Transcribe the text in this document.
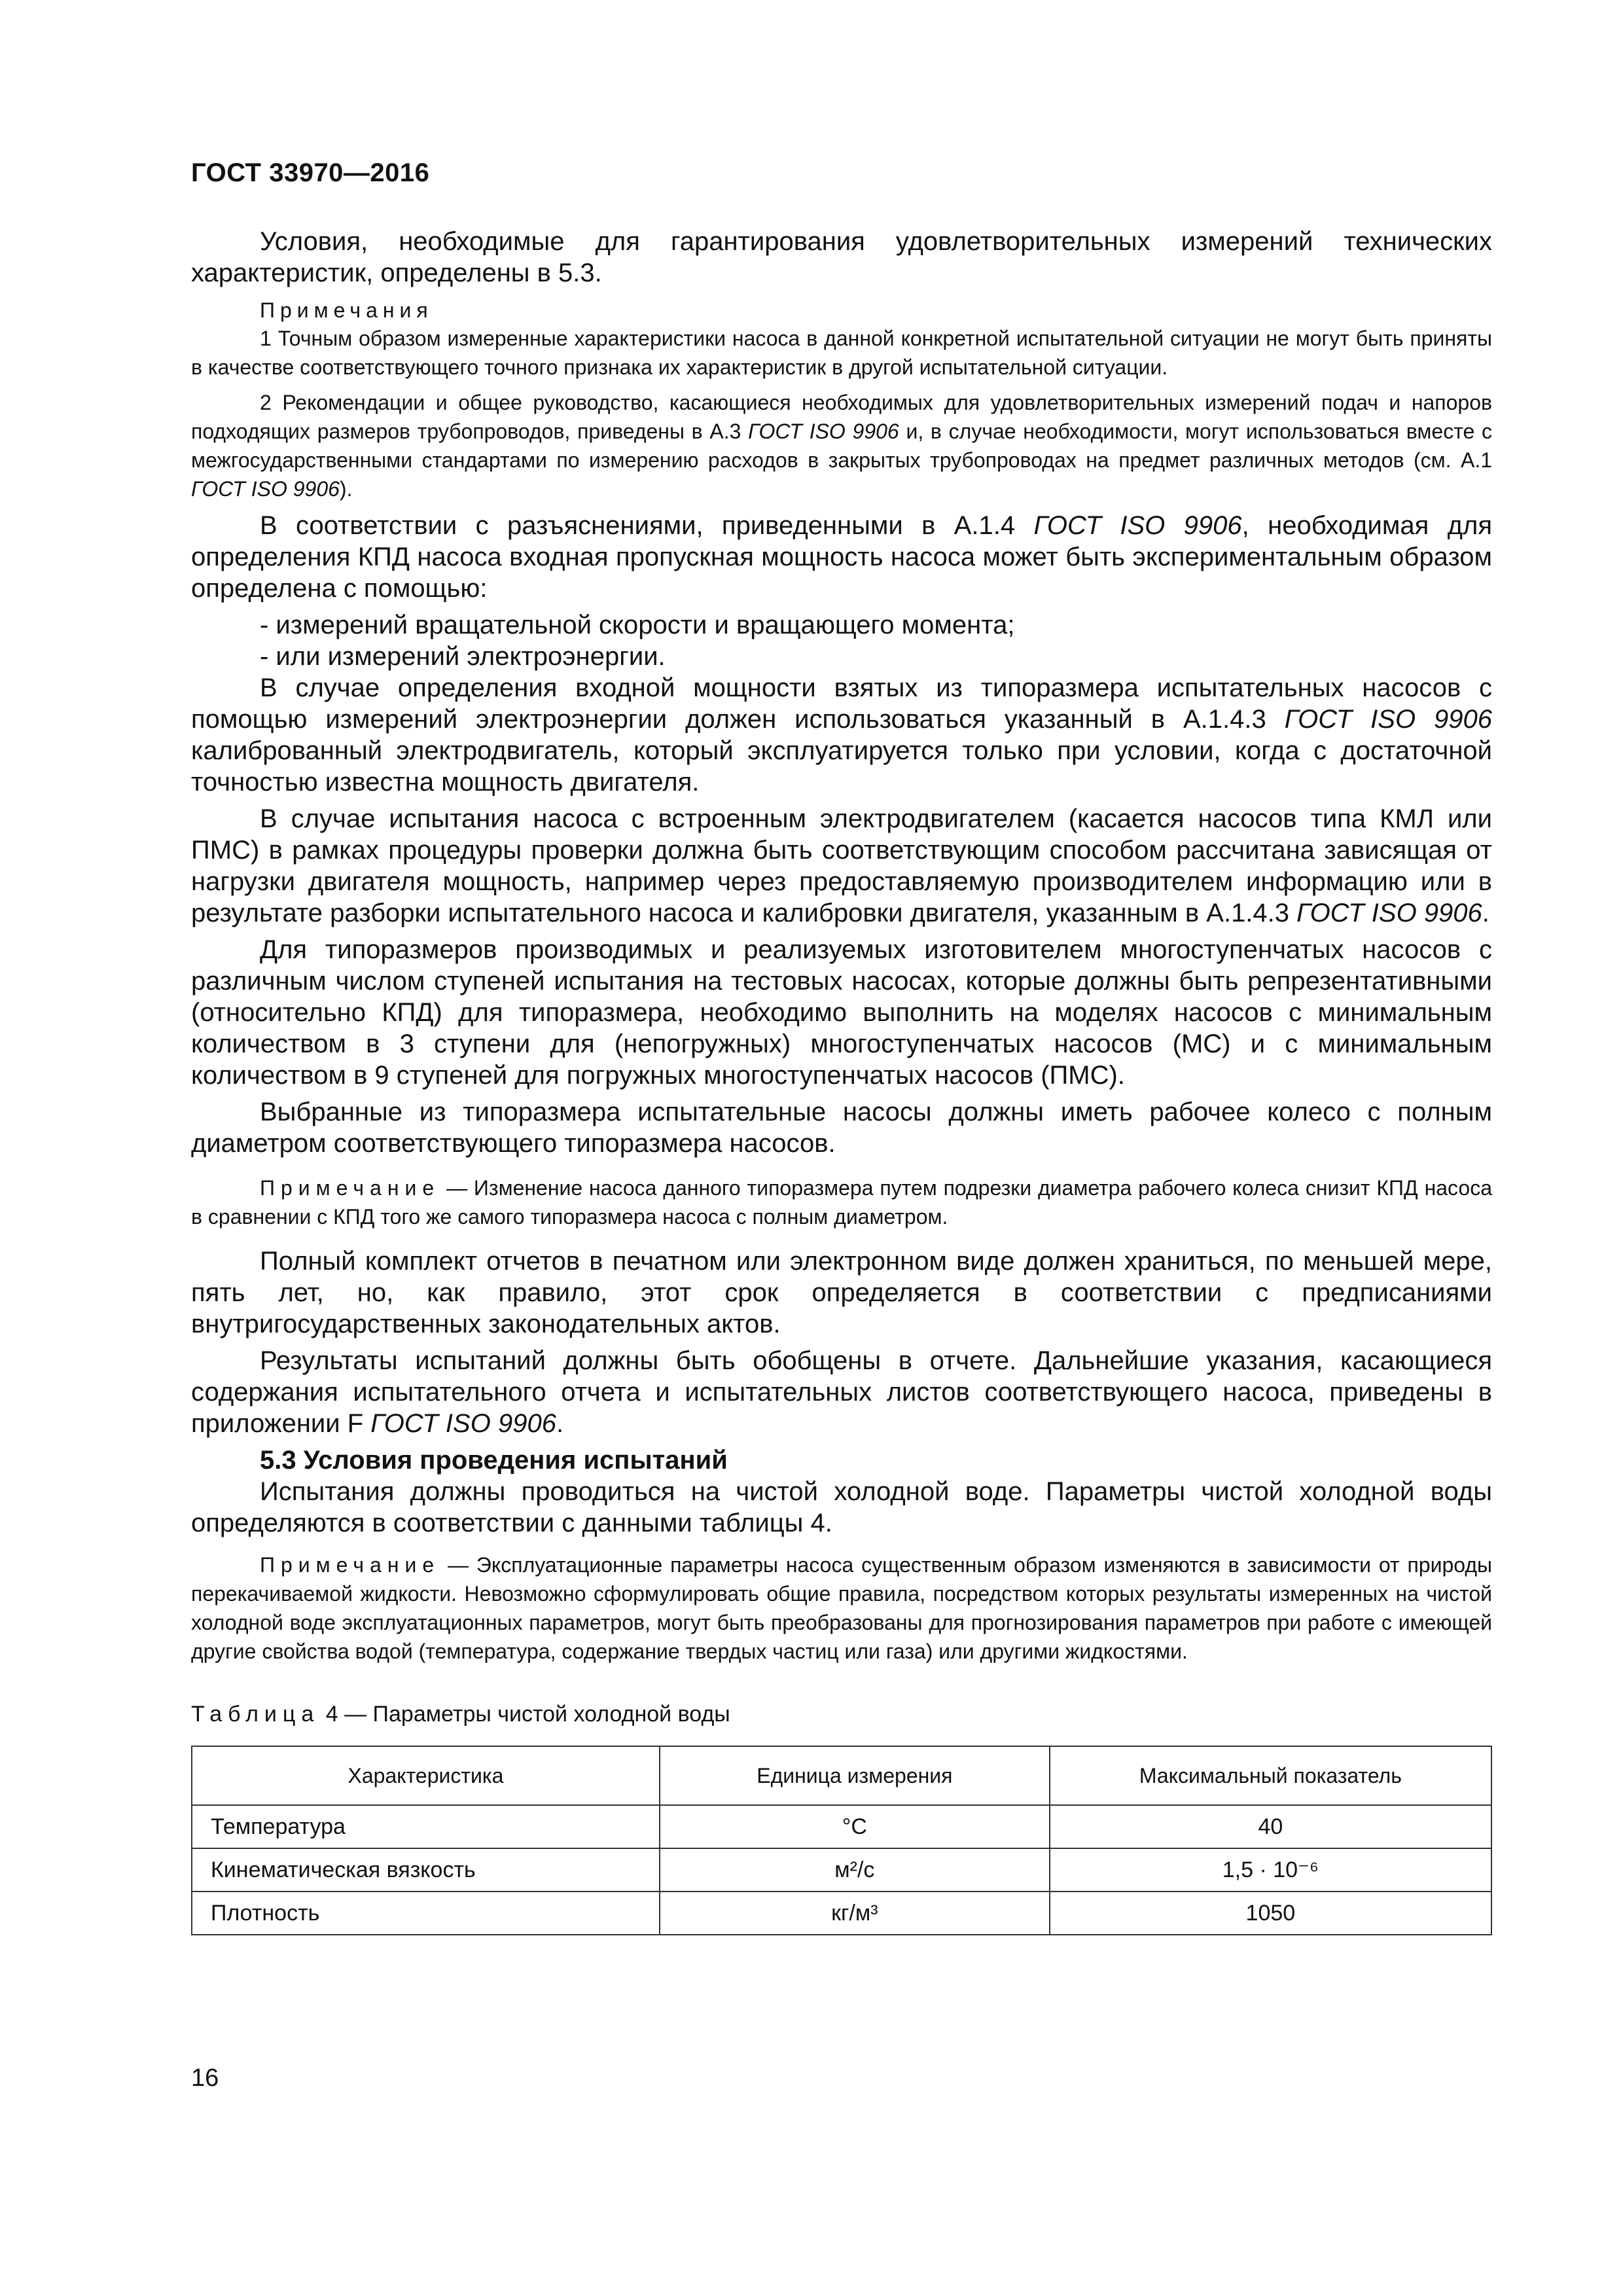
ГОСТ 33970—2016

Условия, необходимые для гарантирования удовлетворительных измерений технических характеристик, определены в 5.3.

Примечания

1 Точным образом измеренные характеристики насоса в данной конкретной испытательной ситуации не могут быть приняты в качестве соответствующего точного признака их характеристик в другой испытательной ситуации.

2 Рекомендации и общее руководство, касающиеся необходимых для удовлетворительных измерений подач и напоров подходящих размеров трубопроводов, приведены в А.3 ГОСТ ISO 9906 и, в случае необходимости, могут использоваться вместе с межгосударственными стандартами по измерению расходов в закрытых трубопроводах на предмет различных методов (см. А.1 ГОСТ ISO 9906).

В соответствии с разъяснениями, приведенными в А.1.4 ГОСТ ISO 9906, необходимая для определения КПД насоса входная пропускная мощность насоса может быть экспериментальным образом определена с помощью:

- измерений вращательной скорости и вращающего момента;
- или измерений электроэнергии.

В случае определения входной мощности взятых из типоразмера испытательных насосов с помощью измерений электроэнергии должен использоваться указанный в А.1.4.3 ГОСТ ISO 9906 калиброванный электродвигатель, который эксплуатируется только при условии, когда с достаточной точностью известна мощность двигателя.

В случае испытания насоса с встроенным электродвигателем (касается насосов типа КМЛ или ПМС) в рамках процедуры проверки должна быть соответствующим способом рассчитана зависящая от нагрузки двигателя мощность, например через предоставляемую производителем информацию или в результате разборки испытательного насоса и калибровки двигателя, указанным в А.1.4.3 ГОСТ ISO 9906.

Для типоразмеров производимых и реализуемых изготовителем многоступенчатых насосов с различным числом ступеней испытания на тестовых насосах, которые должны быть репрезентативными (относительно КПД) для типоразмера, необходимо выполнить на моделях насосов с минимальным количеством в 3 ступени для (непогружных) многоступенчатых насосов (МС) и с минимальным количеством в 9 ступеней для погружных многоступенчатых насосов (ПМС).

Выбранные из типоразмера испытательные насосы должны иметь рабочее колесо с полным диаметром соответствующего типоразмера насосов.

Примечание — Изменение насоса данного типоразмера путем подрезки диаметра рабочего колеса снизит КПД насоса в сравнении с КПД того же самого типоразмера насоса с полным диаметром.

Полный комплект отчетов в печатном или электронном виде должен храниться, по меньшей мере, пять лет, но, как правило, этот срок определяется в соответствии с предписаниями внутригосударственных законодательных актов.

Результаты испытаний должны быть обобщены в отчете. Дальнейшие указания, касающиеся содержания испытательного отчета и испытательных листов соответствующего насоса, приведены в приложении F ГОСТ ISO 9906.

5.3 Условия проведения испытаний

Испытания должны проводиться на чистой холодной воде. Параметры чистой холодной воды определяются в соответствии с данными таблицы 4.

Примечание — Эксплуатационные параметры насоса существенным образом изменяются в зависимости от природы перекачиваемой жидкости. Невозможно сформулировать общие правила, посредством которых результаты измеренных на чистой холодной воде эксплуатационных параметров, могут быть преобразованы для прогнозирования параметров при работе с имеющей другие свойства водой (температура, содержание твердых частиц или газа) или другими жидкостями.

Таблица 4 — Параметры чистой холодной воды
Характеристика	Единица измерения	Максимальный показатель
Температура	°C	40
Кинематическая вязкость	м²/с	1,5 · 10⁻⁶
Плотность	кг/м³	1050
16
